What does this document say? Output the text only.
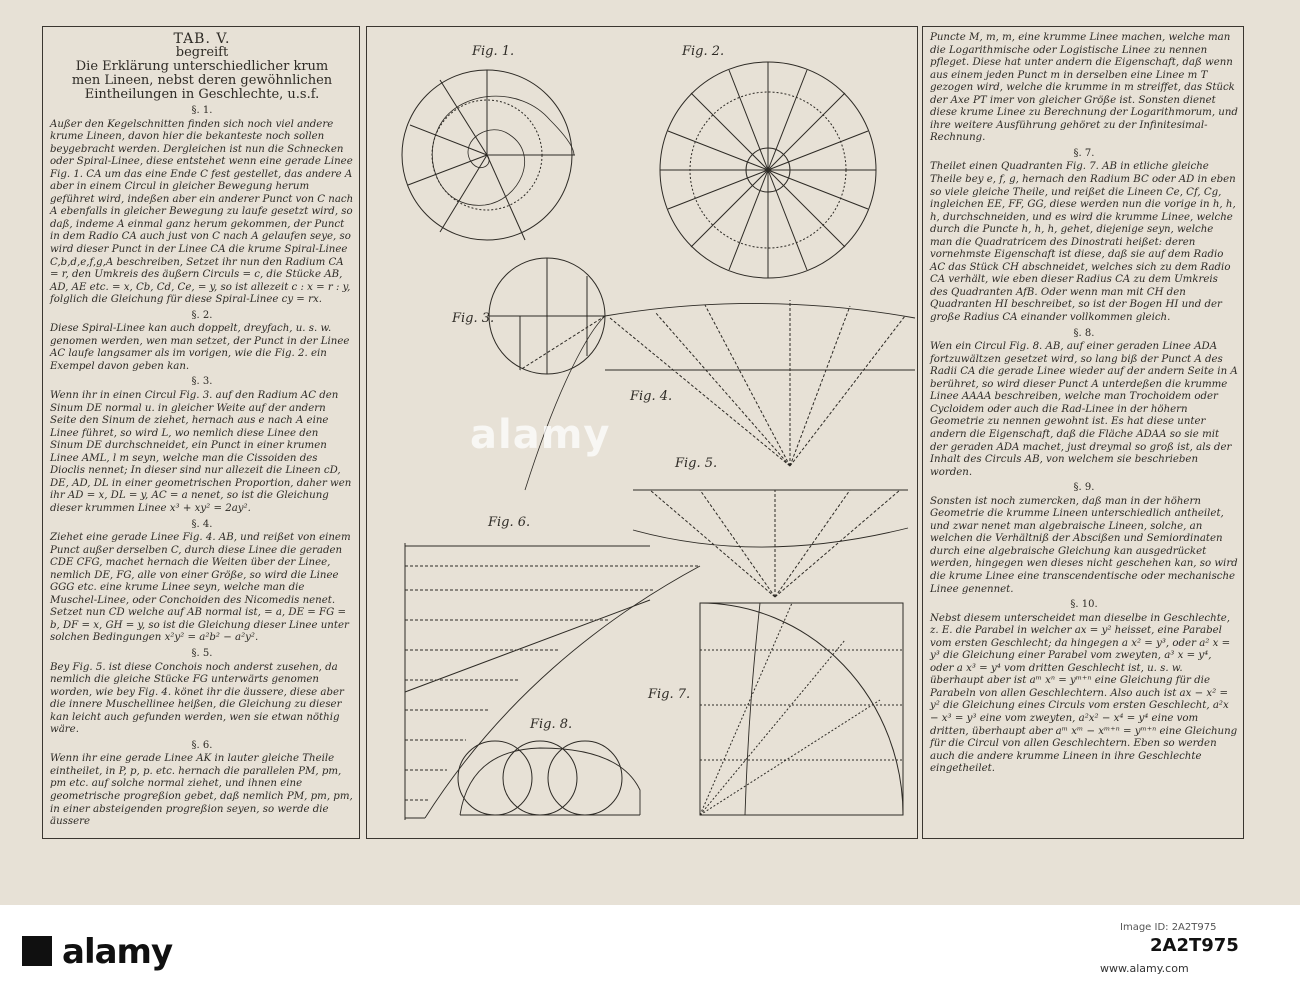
TAB. V.
begreift
Die Erklärung unterschiedlicher krum
men Lineen, nebst deren gewöhnlichen
Eintheilungen in Geschlechte, u.s.f.

§. 1.

Außer den Kegelschnitten finden sich noch viel andere krume Lineen, davon hier die bekanteste noch sollen beygebracht werden. Dergleichen ist nun die Schnecken oder Spiral-Linee, diese entstehet wenn eine gerade Linee Fig. 1. CA um das eine Ende C fest gestellet, das andere A aber in einem Circul in gleicher Bewegung herum geführet wird, indeßen aber ein anderer Punct von C nach A ebenfalls in gleicher Bewegung zu laufe gesetzt wird, so daß, indeme A einmal ganz herum gekommen, der Punct in dem Radio CA auch just von C nach A gelaufen seye, so wird dieser Punct in der Linee CA die krume Spiral-Linee C,b,d,e,f,g,A beschreiben, Setzet ihr nun den Radium CA = r, den Umkreis des äußern Circuls = c, die Stücke AB, AD, AE etc. = x, Cb, Cd, Ce, = y, so ist allezeit c : x = r : y, folglich die Gleichung für diese Spiral-Linee cy = rx.

§. 2.

Diese Spiral-Linee kan auch doppelt, dreyfach, u. s. w. genomen werden, wen man setzet, der Punct in der Linee AC laufe langsamer als im vorigen, wie die Fig. 2. ein Exempel davon geben kan.

§. 3.

Wenn ihr in einen Circul Fig. 3. auf den Radium AC den Sinum DE normal u. in gleicher Weite auf der andern Seite den Sinum de ziehet, hernach aus e nach A eine Linee führet, so wird L, wo nemlich diese Linee den Sinum DE durchschneidet, ein Punct in einer krumen Linee AML, l m seyn, welche man die Cissoiden des Dioclis nennet; In dieser sind nur allezeit die Lineen cD, DE, AD, DL in einer geometrischen Proportion, daher wen ihr AD = x, DL = y, AC = a nenet, so ist die Gleichung dieser krummen Linee x³ + xy² = 2ay².

§. 4.

Ziehet eine gerade Linee Fig. 4. AB, und reißet von einem Punct außer derselben C, durch diese Linee die geraden CDE CFG, machet hernach die Weiten über der Linee, nemlich DE, FG, alle von einer Größe, so wird die Linee GGG etc. eine krume Linee seyn, welche man die Muschel-Linee, oder Conchoiden des Nicomedis nenet. Setzet nun CD welche auf AB normal ist, = a, DE = FG = b, DF = x, GH = y, so ist die Gleichung dieser Linee unter solchen Bedingungen x²y² = a²b² − a²y².

§. 5.

Bey Fig. 5. ist diese Conchois noch anderst zusehen, da nemlich die gleiche Stücke FG unterwärts genomen worden, wie bey Fig. 4. könet ihr die äussere, diese aber die innere Muschellinee heißen, die Gleichung zu dieser kan leicht auch gefunden werden, wen sie etwan nöthig wäre.

§. 6.

Wenn ihr eine gerade Linee AK in lauter gleiche Theile eintheilet, in P, p, p. etc. hernach die parallelen PM, pm, pm etc. auf solche normal ziehet, und ihnen eine geometrische progreßion gebet, daß nemlich PM, pm, pm, in einer absteigenden progreßion seyen, so werde die äussere

Puncte M, m, m, eine krumme Linee machen, welche man die Logarithmische oder Logistische Linee zu nennen pfleget. Diese hat unter andern die Eigenschaft, daß wenn aus einem jeden Punct m in derselben eine Linee m T gezogen wird, welche die krumme in m streiffet, das Stück der Axe PT imer von gleicher Größe ist. Sonsten dienet diese krume Linee zu Berechnung der Logarithmorum, und ihre weitere Ausführung gehöret zu der Infinitesimal-Rechnung.

§. 7.

Theilet einen Quadranten Fig. 7. AB in etliche gleiche Theile bey e, f, g, hernach den Radium BC oder AD in eben so viele gleiche Theile, und reißet die Lineen Ce, Cf, Cg, ingleichen EE, FF, GG, diese werden nun die vorige in h, h, h, durchschneiden, und es wird die krumme Linee, welche durch die Puncte h, h, h, gehet, diejenige seyn, welche man die Quadratricem des Dinostrati heißet: deren vornehmste Eigenschaft ist diese, daß sie auf dem Radio AC das Stück CH abschneidet, welches sich zu dem Radio CA verhält, wie eben dieser Radius CA zu dem Umkreis des Quadranten AfB. Oder wenn man mit CH den Quadranten HI beschreibet, so ist der Bogen HI und der große Radius CA einander vollkommen gleich.

§. 8.

Wen ein Circul Fig. 8. AB, auf einer geraden Linee ADA fortzuwältzen gesetzet wird, so lang biß der Punct A des Radii CA die gerade Linee wieder auf der andern Seite in A berühret, so wird dieser Punct A unterdeßen die krumme Linee AAAA beschreiben, welche man Trochoidem oder Cycloidem oder auch die Rad-Linee in der höhern Geometrie zu nennen gewohnt ist. Es hat diese unter andern die Eigenschaft, daß die Fläche ADAA so sie mit der geraden ADA machet, just dreymal so groß ist, als der Inhalt des Circuls AB, von welchem sie beschrieben worden.

§. 9.

Sonsten ist noch zumercken, daß man in der höhern Geometrie die krumme Lineen unterschiedlich antheilet, und zwar nenet man algebraische Lineen, solche, an welchen die Verhältniß der Abscißen und Semiordinaten durch eine algebraische Gleichung kan ausgedrücket werden, hingegen wen dieses nicht geschehen kan, so wird die krume Linee eine transcendentische oder mechanische Linee genennet.

§. 10.

Nebst diesem unterscheidet man dieselbe in Geschlechte, z. E. die Parabel in welcher ax = y² heisset, eine Parabel vom ersten Geschlecht; da hingegen a x² = y³, oder a² x = y³ die Gleichung einer Parabel vom zweyten, a³ x = y⁴, oder a x³ = y⁴ vom dritten Geschlecht ist, u. s. w. überhaupt aber ist aᵐ xⁿ = yᵐ⁺ⁿ eine Gleichung für die Parabeln von allen Geschlechtern. Also auch ist ax − x² = y² die Gleichung eines Circuls vom ersten Geschlecht, a²x − x³ = y³ eine vom zweyten, a²x² − x⁴ = y⁴ eine vom dritten, überhaupt aber aᵐ xᵐ − xᵐ⁺ⁿ = yᵐ⁺ⁿ eine Gleichung für die Circul von allen Geschlechtern. Eben so werden auch die andere krumme Lineen in ihre Geschlechte eingetheilet.

Fig. 1.	Fig. 2.
Fig. 3.
Fig. 4.
Fig. 5.
Fig. 6.
Fig. 7.
Fig. 8.
alamy
alamy
Image ID: 2A2T975
2A2T975
www.alamy.com
